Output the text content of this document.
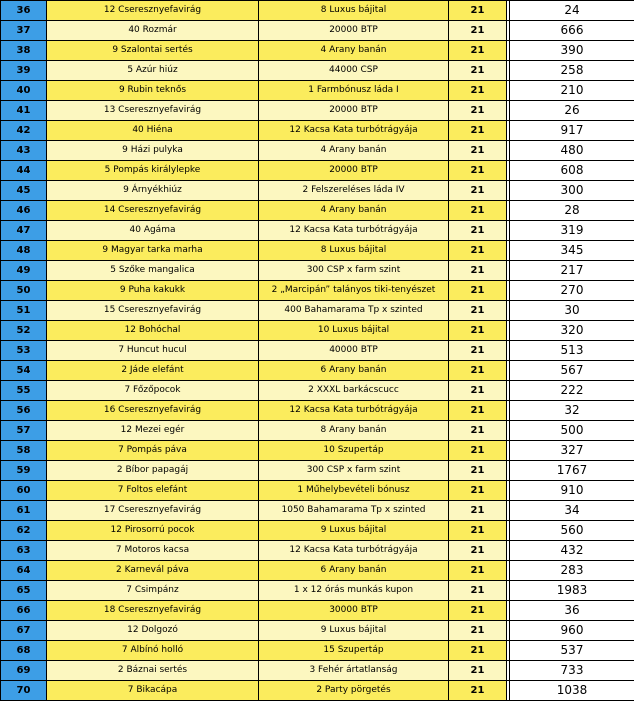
36	12 Cseresznyefavirág	8 Luxus bájital	21		24
37	40 Rozmár	20000 BTP	21		666
38	9 Szalontai sertés	4 Arany banán	21		390
39	5 Azúr hiúz	44000 CSP	21		258
40	9 Rubin teknős	1 Farmbónusz láda I	21		210
41	13 Cseresznyefavirág	20000 BTP	21		26
42	40 Hiéna	12 Kacsa Kata turbótrágyája	21		917
43	9 Házi pulyka	4 Arany banán	21		480
44	5 Pompás királylepke	20000 BTP	21		608
45	9 Árnyékhiúz	2 Felszereléses láda IV	21		300
46	14 Cseresznyefavirág	4 Arany banán	21		28
47	40 Agáma	12 Kacsa Kata turbótrágyája	21		319
48	9 Magyar tarka marha	8 Luxus bájital	21		345
49	5 Szőke mangalica	300 CSP x farm szint	21		217
50	9 Puha kakukk	2 „Marcipán” talányos tiki-tenyészet	21		270
51	15 Cseresznyefavirág	400 Bahamarama Tp x szinted	21		30
52	12 Bohóchal	10 Luxus bájital	21		320
53	7 Huncut hucul	40000 BTP	21		513
54	2 Jáde elefánt	6 Arany banán	21		567
55	7 Főzőpocok	2 XXXL barkácscucc	21		222
56	16 Cseresznyefavirág	12 Kacsa Kata turbótrágyája	21		32
57	12 Mezei egér	8 Arany banán	21		500
58	7 Pompás páva	10 Szupertáp	21		327
59	2 Bíbor papagáj	300 CSP x farm szint	21		1767
60	7 Foltos elefánt	1 Műhelybevételi bónusz	21		910
61	17 Cseresznyefavirág	1050 Bahamarama Tp x szinted	21		34
62	12 Pirosorrú pocok	9 Luxus bájital	21		560
63	7 Motoros kacsa	12 Kacsa Kata turbótrágyája	21		432
64	2 Karnevál páva	6 Arany banán	21		283
65	7 Csimpánz	1 x 12 órás munkás kupon	21		1983
66	18 Cseresznyefavirág	30000 BTP	21		36
67	12 Dolgozó	9 Luxus bájital	21		960
68	7 Albínó holló	15 Szupertáp	21		537
69	2 Báznai sertés	3 Fehér ártatlanság	21		733
70	7 Bikacápa	2 Party pörgetés	21		1038
